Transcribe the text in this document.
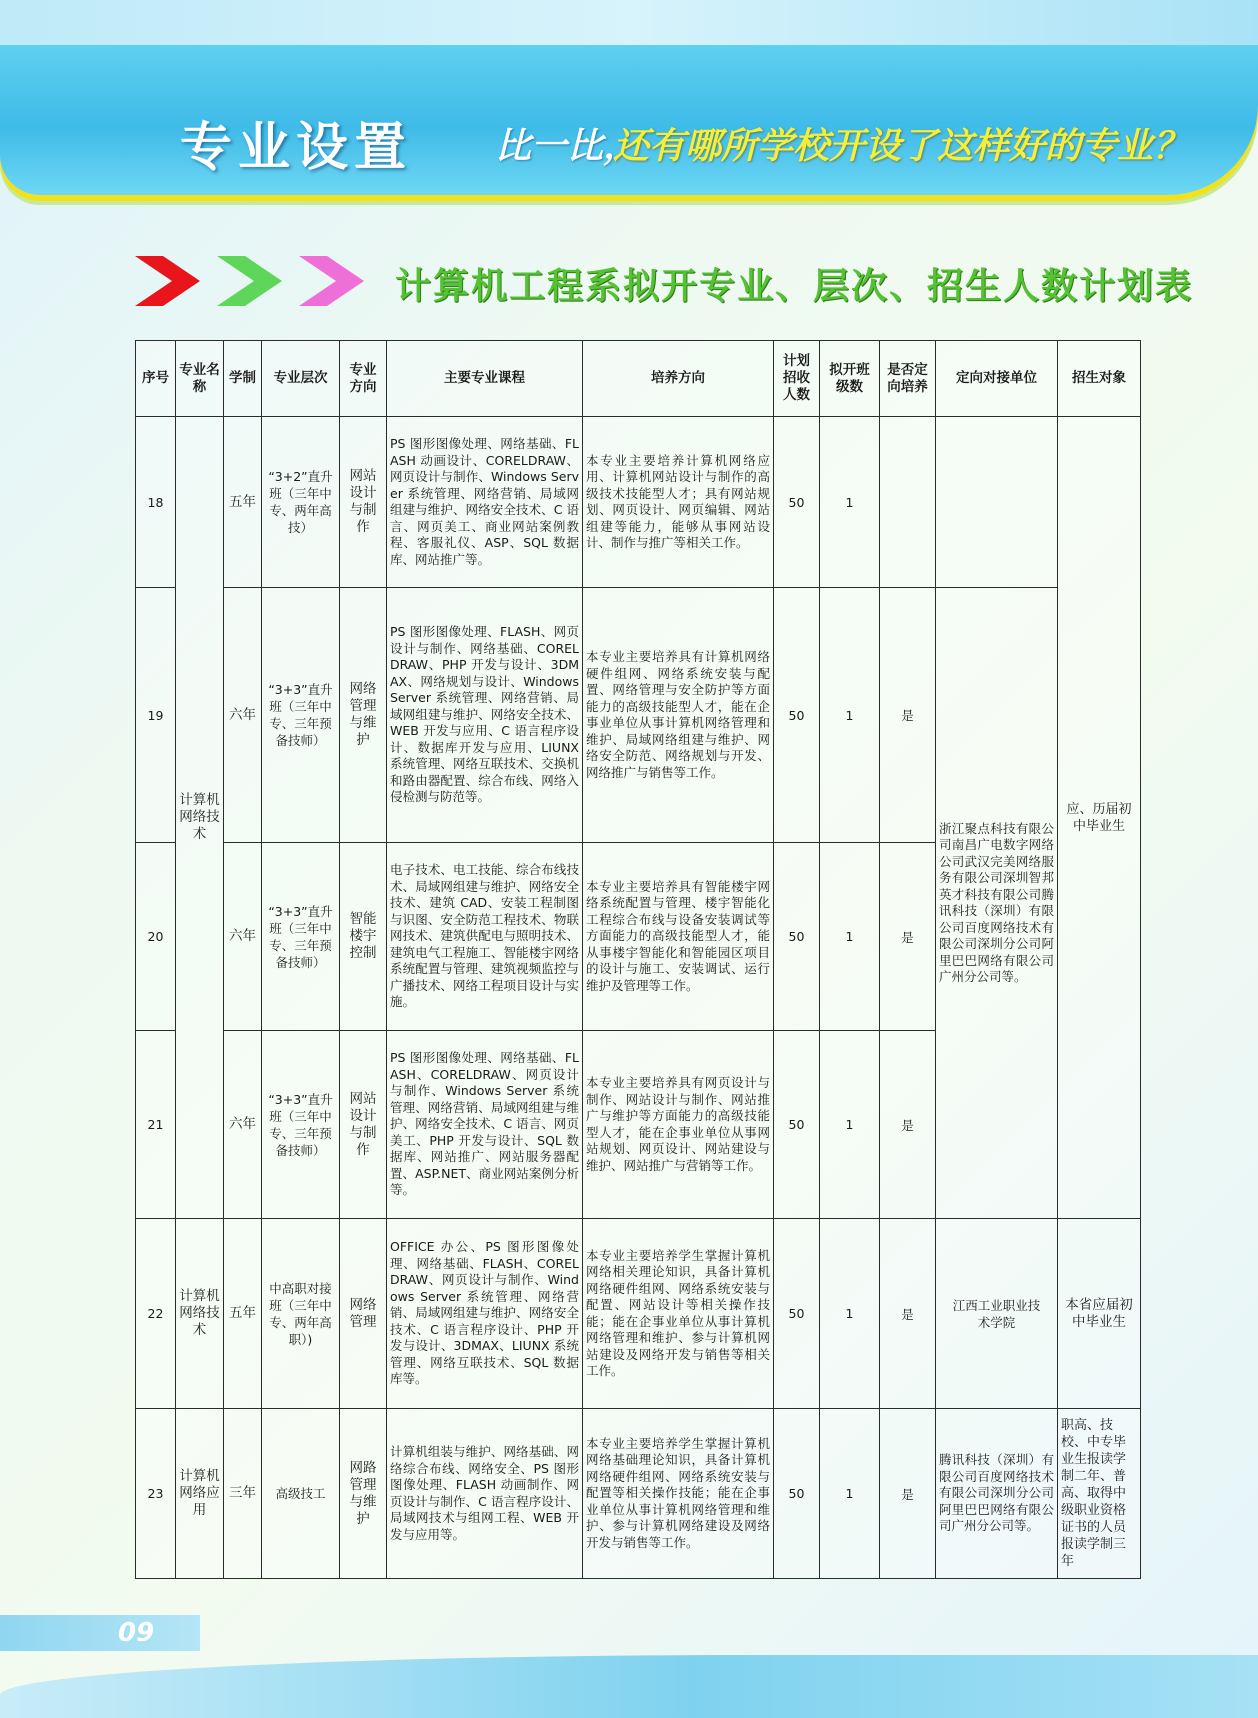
专业设置 比一比，
还有哪所学校开设了这样好的专业？
计算机工程系拟开专业、层次、招生人数计划表
序号	专业名称	学制	专业层次	专业方向	主要专业课程	培养方向	计划招收人数	拟开班级数	是否定向培养	定向对接单位	招生对象
18	计算机网络技术	五年	“3+2”直升班（三年中专、两年高技）	网站设计与制作	PS 图形图像处理、网络基础、FLASH 动画设计、CORELDRAW、网页设计与制作、Windows Server 系统管理、网络营销、局域网组建与维护、网络安全技术、C 语言、网页美工、商业网站案例教程、客服礼仪、ASP、SQL 数据库、网站推广等。	本专业主要培养计算机网络应用、计算机网站设计与制作的高级技术技能型人才；具有网站规划、网页设计、网页编辑、网站组建等能力，能够从事网站设计、制作与推广等相关工作。	50	1			应、历届初中毕业生
19		六年	“3+3”直升班（三年中专、三年预备技师）	网络管理与维护	PS 图形图像处理、FLASH、网页设计与制作、网络基础、CORELDRAW、PHP 开发与设计、3DMAX、网络规划与设计、Windows Server 系统管理、网络营销、局域网组建与维护、网络安全技术、WEB 开发与应用、C 语言程序设计、数据库开发与应用、LIUNX 系统管理、网络互联技术、交换机和路由器配置、综合布线、网络入侵检测与防范等。	本专业主要培养具有计算机网络硬件组网、网络系统安装与配置、网络管理与安全防护等方面能力的高级技能型人才，能在企事业单位从事计算机网络管理和维护、局域网络组建与维护、网络安全防范、网络规划与开发、网络推广与销售等工作。	50	1	是	浙江聚点科技有限公司南昌广电数字网络公司武汉完美网络服务有限公司深圳智邦英才科技有限公司腾讯科技（深圳）有限公司百度网络技术有限公司深圳分公司阿里巴巴网络有限公司广州分公司等。	
20		六年	“3+3”直升班（三年中专、三年预备技师）	智能楼宇控制	电子技术、电工技能、综合布线技术、局域网组建与维护、网络安全技术、建筑 CAD、安装工程制图与识图、安全防范工程技术、物联网技术、建筑供配电与照明技术、建筑电气工程施工、智能楼宇网络系统配置与管理、建筑视频监控与广播技术、网络工程项目设计与实施。	本专业主要培养具有智能楼宇网络系统配置与管理、楼宇智能化工程综合布线与设备安装调试等方面能力的高级技能型人才，能从事楼宇智能化和智能园区项目的设计与施工、安装调试、运行维护及管理等工作。	50	1	是		
21		六年	“3+3”直升班（三年中专、三年预备技师）	网站设计与制作	PS 图形图像处理、网络基础、FLASH、CORELDRAW、网页设计与制作、Windows Server 系统管理、网络营销、局域网组建与维护、网络安全技术、C 语言、网页美工、PHP 开发与设计、SQL 数据库、网站推广、网站服务器配置、ASP.NET、商业网站案例分析等。	本专业主要培养具有网页设计与制作、网站设计与制作、网站推广与维护等方面能力的高级技能型人才，能在企事业单位从事网站规划、网页设计、网站建设与维护、网站推广与营销等工作。	50	1	是		
22	计算机网络技术	五年	中高职对接班（三年中专、两年高职）)	网络管理	OFFICE 办公、PS 图形图像处理、网络基础、FLASH、CORELDRAW、网页设计与制作、Windows Server 系统管理、网络营销、局域网组建与维护、网络安全技术、C 语言程序设计、PHP 开发与设计、3DMAX、LIUNX 系统管理、网络互联技术、SQL 数据库等。	本专业主要培养学生掌握计算机网络相关理论知识，具备计算机网络硬件组网、网络系统安装与配置、网站设计等相关操作技能；能在企事业单位从事计算机网络管理和维护、参与计算机网站建设及网络开发与销售等相关工作。	50	1	是	江西工业职业技术学院	本省应届初中毕业生
23	计算机网络应用	三年	高级技工	网路管理与维护	计算机组装与维护、网络基础、网络综合布线、网络安全、PS 图形图像处理、FLASH 动画制作、网页设计与制作、C 语言程序设计、局域网技术与组网工程、WEB 开发与应用等。	本专业主要培养学生掌握计算机网络基础理论知识，具备计算机网络硬件组网、网络系统安装与配置等相关操作技能；能在企事业单位从事计算机网络管理和维护、参与计算机网络建设及网络开发与销售等工作。	50	1	是	腾讯科技（深圳）有限公司百度网络技术有限公司深圳分公司阿里巴巴网络有限公司广州分公司等。	职高、技校、中专毕业生报读学制二年、普高、取得中级职业资格证书的人员报读学制三年
09
